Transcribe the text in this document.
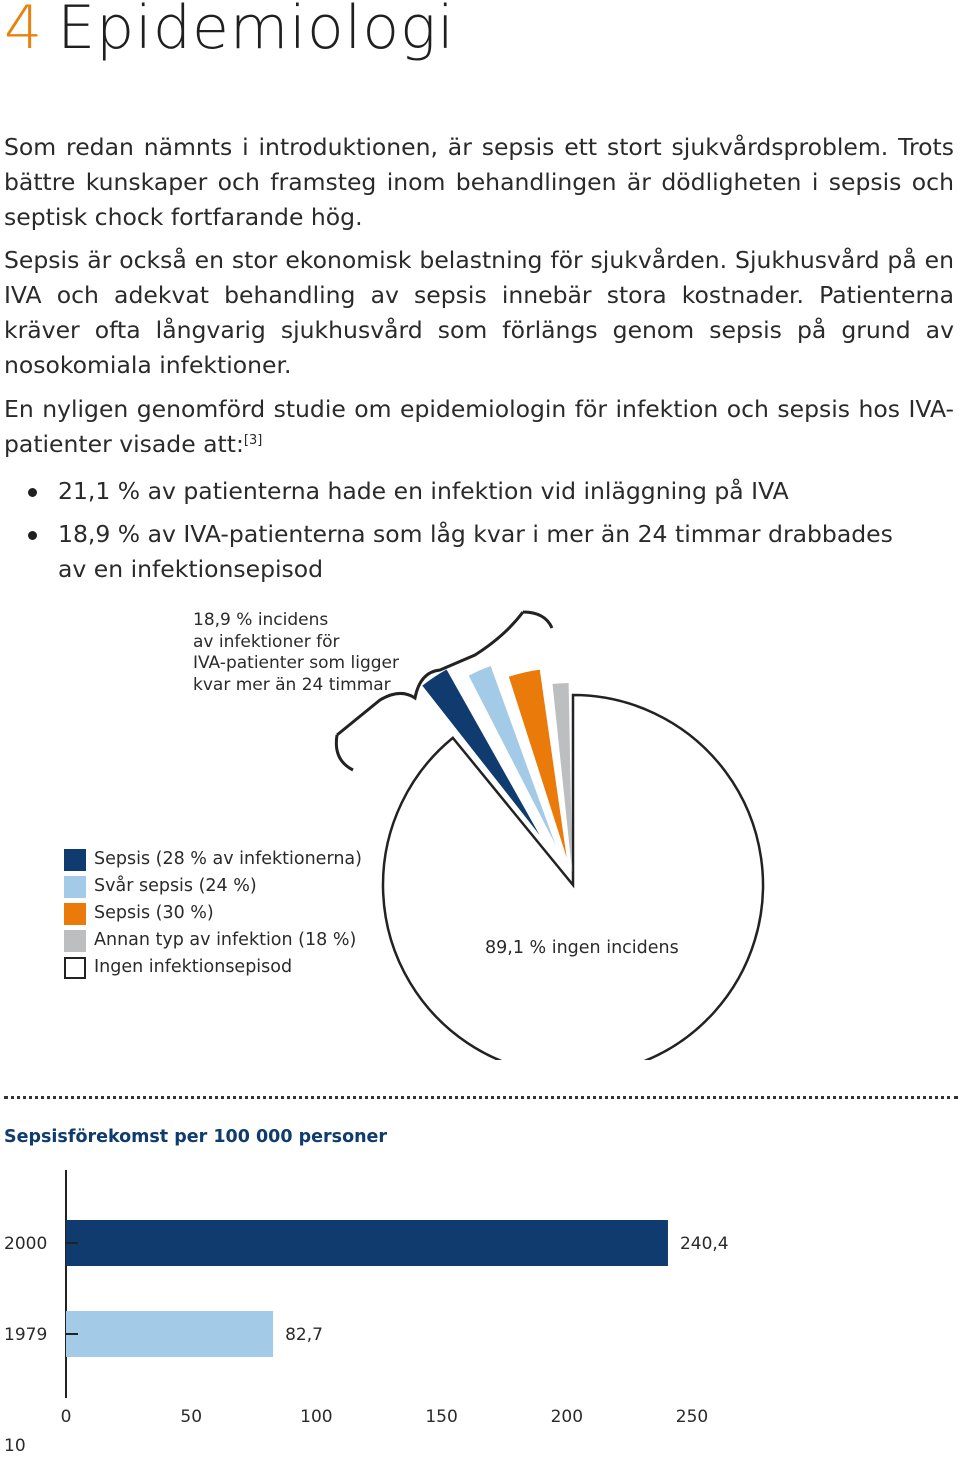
4 Epidemiologi
Som redan nämnts i introduktionen, är sepsis ett stort sjukvårdsproblem. Trots bättre kunskaper och framsteg inom behandlingen är dödligheten i sepsis och septisk chock fortfarande hög.
Sepsis är också en stor ekonomisk belastning för sjukvården. Sjukhusvård på en IVA och adekvat behandling av sepsis innebär stora kostnader. Patienterna kräver ofta långvarig sjukhusvård som förlängs genom sepsis på grund av nosokomiala infektioner.
En nyligen genomförd studie om epidemiologin för infektion och sepsis hos IVA-patienter visade att:[3]
21,1 % av patienterna hade en infektion vid inläggning på IVA
18,9 % av IVA-patienterna som låg kvar i mer än 24 timmar drabbades av en infektionsepisod
18,9 % incidens
av infektioner för
IVA-patienter som ligger
kvar mer än 24 timmar
Sepsis (28 % av infektionerna)
Svår sepsis (24 %)
Sepsis (30 %)
Annan typ av infektion (18 %)
Ingen infektionsepisod
89,1 % ingen incidens
Sepsisförekomst per 100 000 personer
2000	240,4
1979	82,7
0	50	100	150	200	250
10
